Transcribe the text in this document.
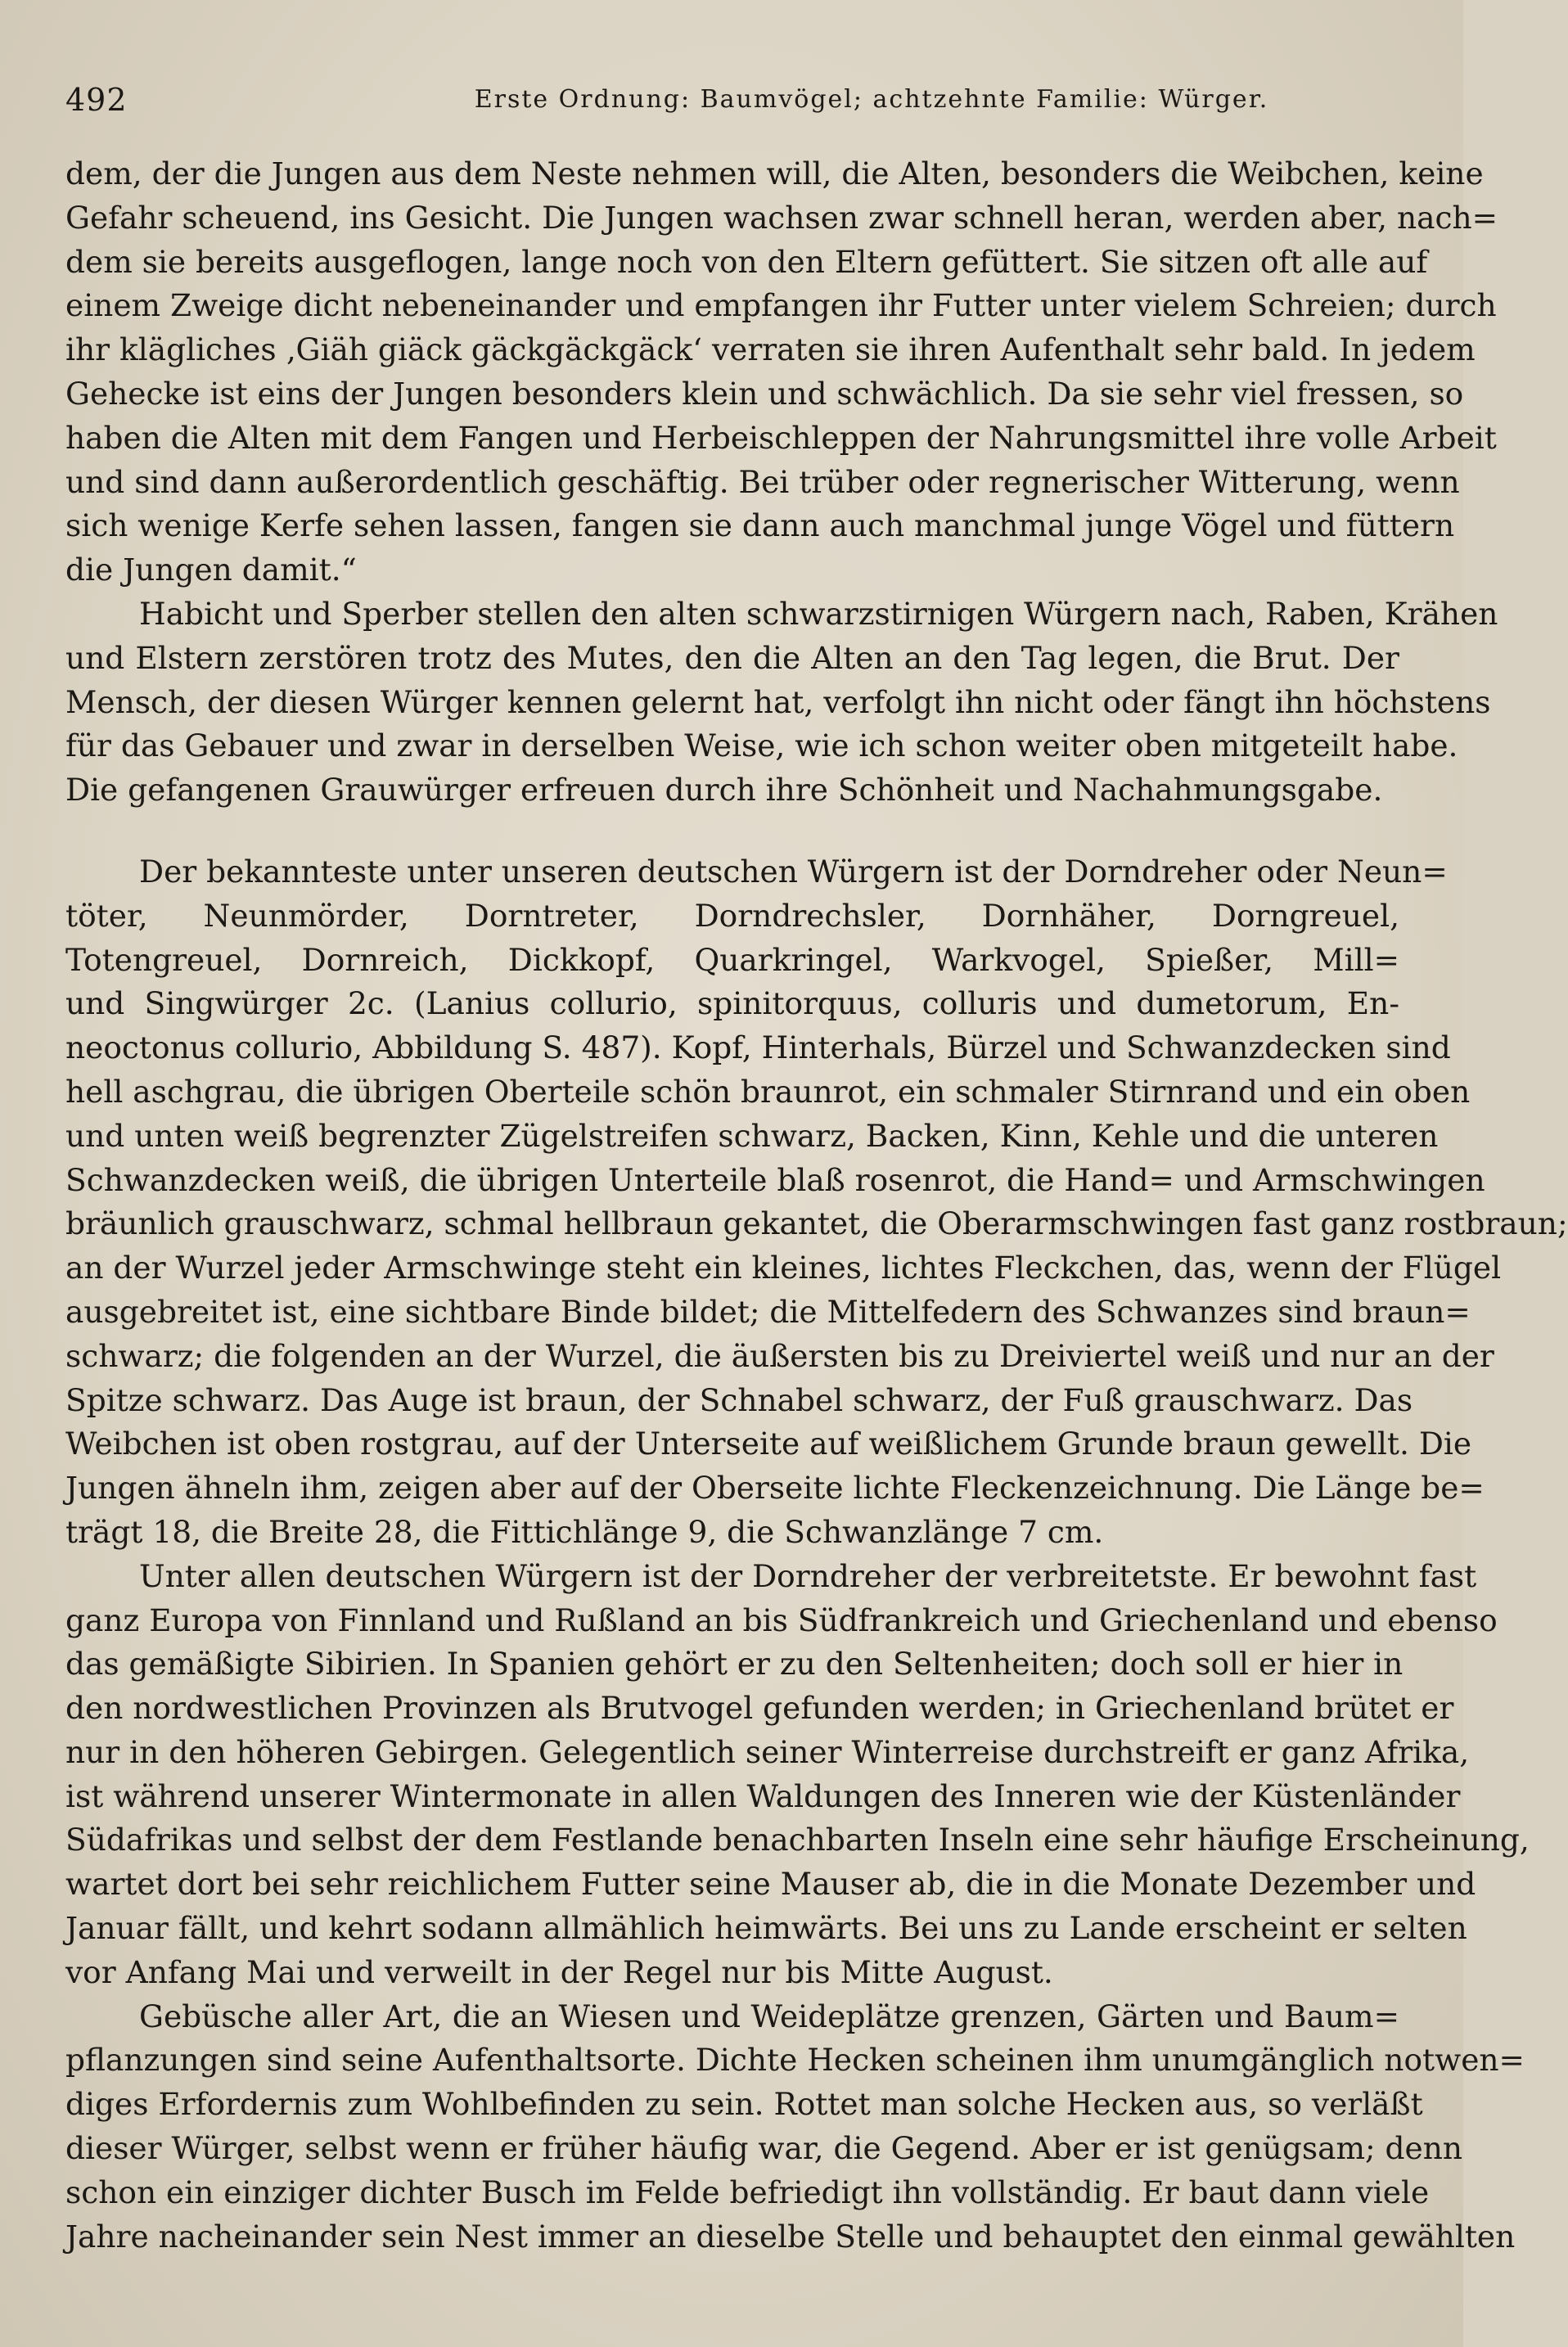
492	Erste Ordnung: Baumvögel; achtzehnte Familie: Würger.
dem, der die Jungen aus dem Neste nehmen will, die Alten, besonders die Weibchen, keine
Gefahr scheuend, ins Gesicht. Die Jungen wachsen zwar schnell heran, werden aber, nach=
dem sie bereits ausgeflogen, lange noch von den Eltern gefüttert. Sie sitzen oft alle auf
einem Zweige dicht nebeneinander und empfangen ihr Futter unter vielem Schreien; durch
ihr klägliches ‚Giäh giäck gäckgäckgäck‘ verraten sie ihren Aufenthalt sehr bald. In jedem
Gehecke ist eins der Jungen besonders klein und schwächlich. Da sie sehr viel fressen, so
haben die Alten mit dem Fangen und Herbeischleppen der Nahrungsmittel ihre volle Arbeit
und sind dann außerordentlich geschäftig. Bei trüber oder regnerischer Witterung, wenn
sich wenige Kerfe sehen lassen, fangen sie dann auch manchmal junge Vögel und füttern
die Jungen damit.“
Habicht und Sperber stellen den alten schwarzstirnigen Würgern nach, Raben, Krähen
und Elstern zerstören trotz des Mutes, den die Alten an den Tag legen, die Brut. Der
Mensch, der diesen Würger kennen gelernt hat, verfolgt ihn nicht oder fängt ihn höchstens
für das Gebauer und zwar in derselben Weise, wie ich schon weiter oben mitgeteilt habe.
Die gefangenen Grauwürger erfreuen durch ihre Schönheit und Nachahmungsgabe.
Der bekannteste unter unseren deutschen Würgern ist der Dorndreher oder Neun=
töter, Neunmörder, Dorntreter, Dorndrechsler, Dornhäher, Dorngreuel,
Totengreuel, Dornreich, Dickkopf, Quarkringel, Warkvogel, Spießer, Mill=
und Singwürger 2c. (Lanius collurio, spinitorquus, colluris und dumetorum, En-
neoctonus collurio, Abbildung S. 487). Kopf, Hinterhals, Bürzel und Schwanzdecken sind
hell aschgrau, die übrigen Oberteile schön braunrot, ein schmaler Stirnrand und ein oben
und unten weiß begrenzter Zügelstreifen schwarz, Backen, Kinn, Kehle und die unteren
Schwanzdecken weiß, die übrigen Unterteile blaß rosenrot, die Hand= und Armschwingen
bräunlich grauschwarz, schmal hellbraun gekantet, die Oberarmschwingen fast ganz rostbraun;
an der Wurzel jeder Armschwinge steht ein kleines, lichtes Fleckchen, das, wenn der Flügel
ausgebreitet ist, eine sichtbare Binde bildet; die Mittelfedern des Schwanzes sind braun=
schwarz; die folgenden an der Wurzel, die äußersten bis zu Dreiviertel weiß und nur an der
Spitze schwarz. Das Auge ist braun, der Schnabel schwarz, der Fuß grauschwarz. Das
Weibchen ist oben rostgrau, auf der Unterseite auf weißlichem Grunde braun gewellt. Die
Jungen ähneln ihm, zeigen aber auf der Oberseite lichte Fleckenzeichnung. Die Länge be=
trägt 18, die Breite 28, die Fittichlänge 9, die Schwanzlänge 7 cm.
Unter allen deutschen Würgern ist der Dorndreher der verbreitetste. Er bewohnt fast
ganz Europa von Finnland und Rußland an bis Südfrankreich und Griechenland und ebenso
das gemäßigte Sibirien. In Spanien gehört er zu den Seltenheiten; doch soll er hier in
den nordwestlichen Provinzen als Brutvogel gefunden werden; in Griechenland brütet er
nur in den höheren Gebirgen. Gelegentlich seiner Winterreise durchstreift er ganz Afrika,
ist während unserer Wintermonate in allen Waldungen des Inneren wie der Küstenländer
Südafrikas und selbst der dem Festlande benachbarten Inseln eine sehr häufige Erscheinung,
wartet dort bei sehr reichlichem Futter seine Mauser ab, die in die Monate Dezember und
Januar fällt, und kehrt sodann allmählich heimwärts. Bei uns zu Lande erscheint er selten
vor Anfang Mai und verweilt in der Regel nur bis Mitte August.
Gebüsche aller Art, die an Wiesen und Weideplätze grenzen, Gärten und Baum=
pflanzungen sind seine Aufenthaltsorte. Dichte Hecken scheinen ihm unumgänglich notwen=
diges Erfordernis zum Wohlbefinden zu sein. Rottet man solche Hecken aus, so verläßt
dieser Würger, selbst wenn er früher häufig war, die Gegend. Aber er ist genügsam; denn
schon ein einziger dichter Busch im Felde befriedigt ihn vollständig. Er baut dann viele
Jahre nacheinander sein Nest immer an dieselbe Stelle und behauptet den einmal gewählten
